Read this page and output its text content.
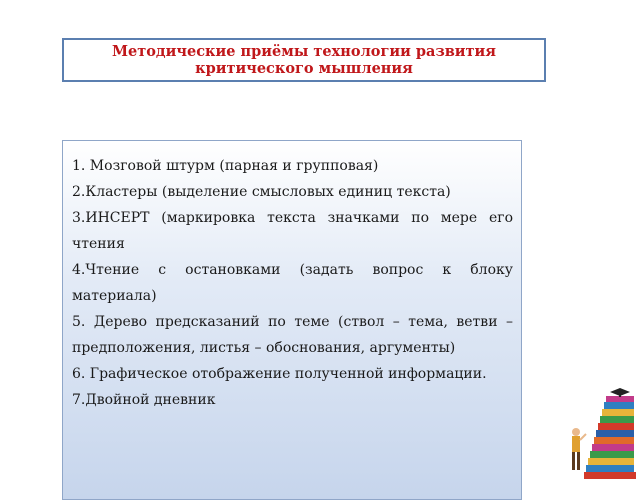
Методические приёмы технологии развития
критического мышления

1. Мозговой штурм (парная и групповая)

2.Кластеры (выделение смысловых единиц текста)

3.ИНСЕРТ (маркировка текста значками по мере его чтения

4.Чтение с остановками (задать вопрос к блоку материала)

5. Дерево предсказаний по теме (ствол – тема, ветви – предположения, листья – обоснования, аргументы)

6. Графическое отображение полученной информации.

7.Двойной дневник
